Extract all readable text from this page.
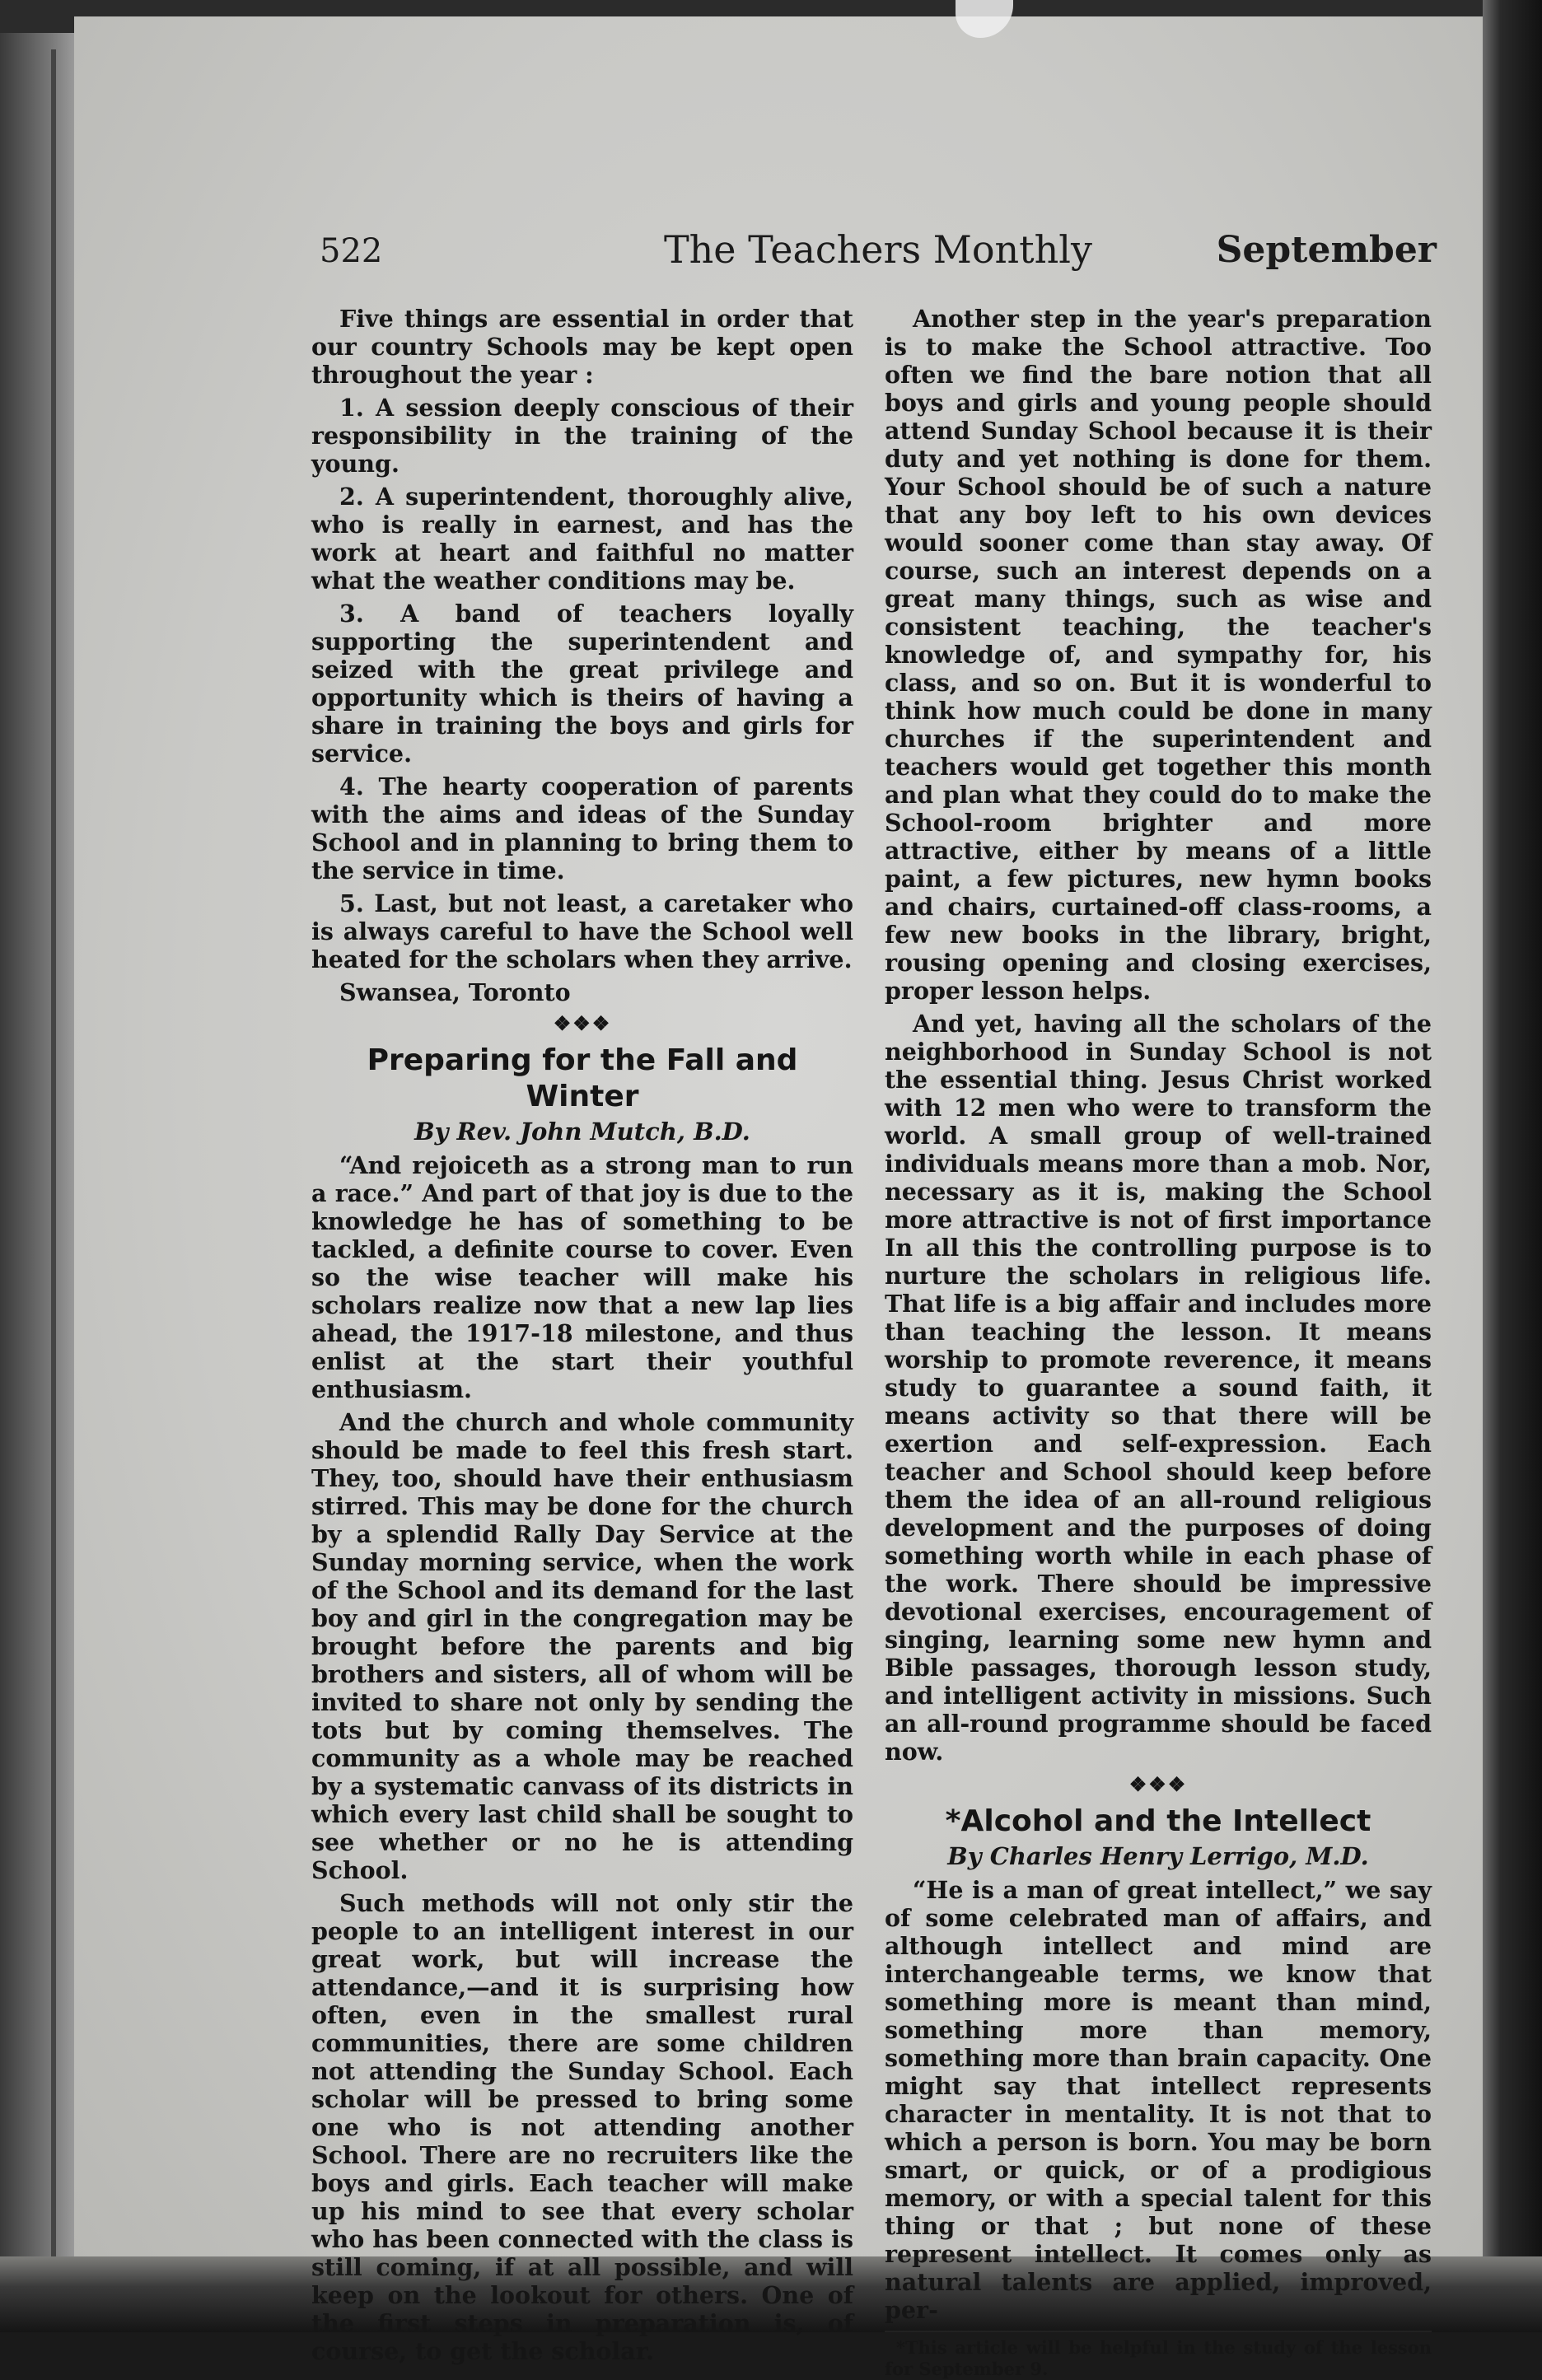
522	The Teachers Monthly	September

Five things are essential in order that our country Schools may be kept open throughout the year :

1. A session deeply conscious of their responsibility in the training of the young.

2. A superintendent, thoroughly alive, who is really in earnest, and has the work at heart and faithful no matter what the weather conditions may be.

3. A band of teachers loyally supporting the superintendent and seized with the great privilege and opportunity which is theirs of having a share in training the boys and girls for service.

4. The hearty cooperation of parents with the aims and ideas of the Sunday School and in planning to bring them to the service in time.

5. Last, but not least, a caretaker who is always careful to have the School well heated for the scholars when they arrive.

Swansea, Toronto

❖❖❖
Preparing for the Fall and Winter
By Rev. John Mutch, B.D.

“And rejoiceth as a strong man to run a race.” And part of that joy is due to the knowledge he has of something to be tackled, a definite course to cover. Even so the wise teacher will make his scholars realize now that a new lap lies ahead, the 1917-18 milestone, and thus enlist at the start their youthful enthusiasm.

And the church and whole community should be made to feel this fresh start. They, too, should have their enthusiasm stirred. This may be done for the church by a splendid Rally Day Service at the Sunday morning service, when the work of the School and its demand for the last boy and girl in the congregation may be brought before the parents and big brothers and sisters, all of whom will be invited to share not only by sending the tots but by coming themselves. The community as a whole may be reached by a systematic canvass of its districts in which every last child shall be sought to see whether or no he is attending School.

Such methods will not only stir the people to an intelligent interest in our great work, but will increase the attendance,—and it is surprising how often, even in the smallest rural communities, there are some children not attending the Sunday School. Each scholar will be pressed to bring some one who is not attending another School. There are no recruiters like the boys and girls. Each teacher will make up his mind to see that every scholar who has been connected with the class is still coming, if at all possible, and will keep on the lookout for others. One of the first steps in preparation is, of course, to get the scholar.

Another step in the year's preparation is to make the School attractive. Too often we find the bare notion that all boys and girls and young people should attend Sunday School because it is their duty and yet nothing is done for them. Your School should be of such a nature that any boy left to his own devices would sooner come than stay away. Of course, such an interest depends on a great many things, such as wise and consistent teaching, the teacher's knowledge of, and sympathy for, his class, and so on. But it is wonderful to think how much could be done in many churches if the superintendent and teachers would get together this month and plan what they could do to make the School-room brighter and more attractive, either by means of a little paint, a few pictures, new hymn books and chairs, curtained-off class-rooms, a few new books in the library, bright, rousing opening and closing exercises, proper lesson helps.

And yet, having all the scholars of the neighborhood in Sunday School is not the essential thing. Jesus Christ worked with 12 men who were to transform the world. A small group of well-trained individuals means more than a mob. Nor, necessary as it is, making the School more attractive is not of first importance In all this the controlling purpose is to nurture the scholars in religious life. That life is a big affair and includes more than teaching the lesson. It means worship to promote reverence, it means study to guarantee a sound faith, it means activity so that there will be exertion and self-expression. Each teacher and School should keep before them the idea of an all-round religious development and the purposes of doing something worth while in each phase of the work. There should be impressive devotional exercises, encouragement of singing, learning some new hymn and Bible passages, thorough lesson study, and intelligent activity in missions. Such an all-round programme should be faced now.

❖❖❖
*Alcohol and the Intellect
By Charles Henry Lerrigo, M.D.

“He is a man of great intellect,” we say of some celebrated man of affairs, and although intellect and mind are interchangeable terms, we know that something more is meant than mind, something more than memory, something more than brain capacity. One might say that intellect represents character in mentality. It is not that to which a person is born. You may be born smart, or quick, or of a prodigious memory, or with a special talent for this thing or that ; but none of these represent intellect. It comes only as natural talents are applied, improved, per-

*This article will be helpful in the study of the lesson for September 9.
